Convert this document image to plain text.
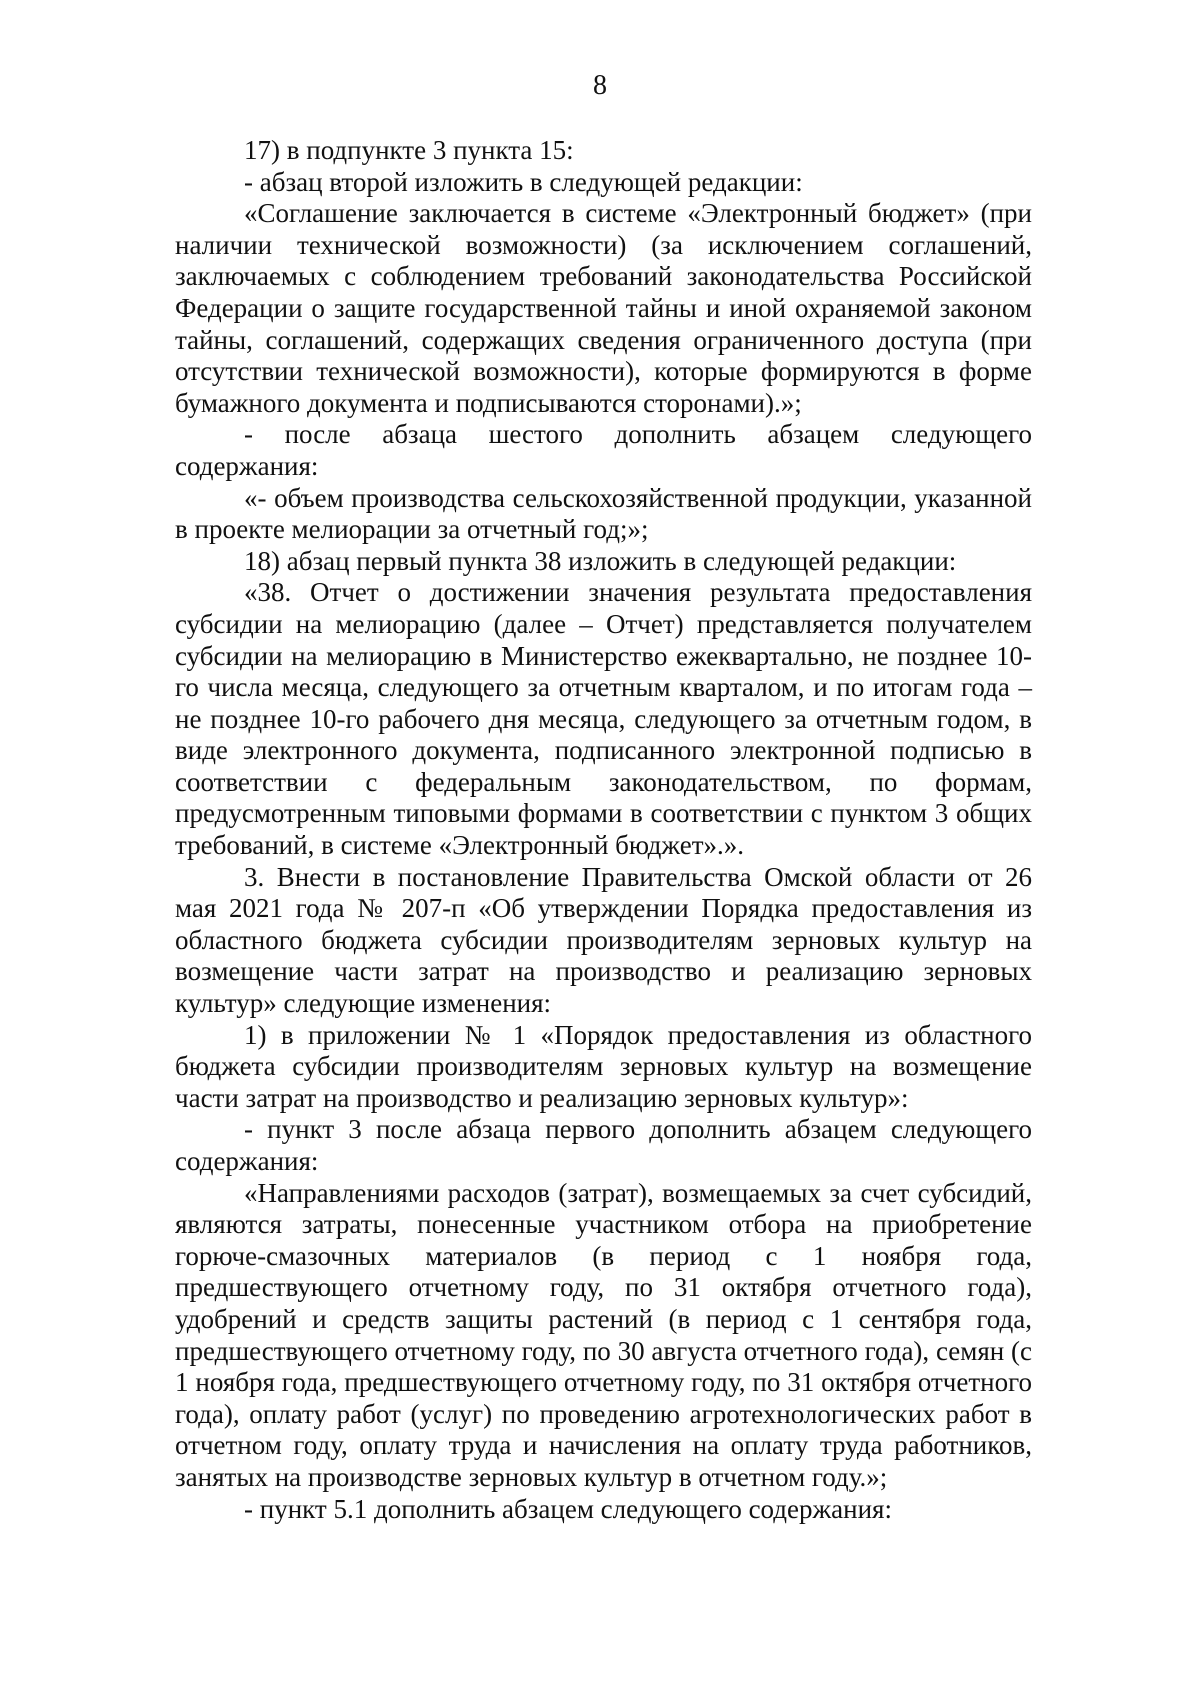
8

17) в подпункте 3 пункта 15:

- абзац второй изложить в следующей редакции:

«Соглашение заключается в системе «Электронный бюджет» (при наличии технической возможности) (за исключением соглашений, заключаемых с соблюдением требований законодательства Российской Федерации о защите государственной тайны и иной охраняемой законом тайны, соглашений, содержащих сведения ограниченного доступа (при отсутствии технической возможности), которые формируются в форме бумажного документа и подписываются сторонами).»;

- после абзаца шестого дополнить абзацем следующего содержания:

«- объем производства сельскохозяйственной продукции, указанной в проекте мелиорации за отчетный год;»;

18) абзац первый пункта 38 изложить в следующей редакции:

«38. Отчет о достижении значения результата предоставления субсидии на мелиорацию (далее – Отчет) представляется получателем субсидии на мелиорацию в Министерство ежеквартально, не позднее 10-го числа месяца, следующего за отчетным кварталом, и по итогам года – не позднее 10-го рабочего дня месяца, следующего за отчетным годом, в виде электронного документа, подписанного электронной подписью в соответствии с федеральным законодательством, по формам, предусмотренным типовыми формами в соответствии с пунктом 3 общих требований, в системе «Электронный бюджет».».

3. Внести в постановление Правительства Омской области от 26 мая 2021 года № 207-п «Об утверждении Порядка предоставления из областного бюджета субсидии производителям зерновых культур на возмещение части затрат на производство и реализацию зерновых культур» следующие изменения:

1) в приложении № 1 «Порядок предоставления из областного бюджета субсидии производителям зерновых культур на возмещение части затрат на производство и реализацию зерновых культур»:

- пункт 3 после абзаца первого дополнить абзацем следующего содержания:

«Направлениями расходов (затрат), возмещаемых за счет субсидий, являются затраты, понесенные участником отбора на приобретение горюче-смазочных материалов (в период с 1 ноября года, предшествующего отчетному году, по 31 октября отчетного года), удобрений и средств защиты растений (в период с 1 сентября года, предшествующего отчетному году, по 30 августа отчетного года), семян (с 1 ноября года, предшествующего отчетному году, по 31 октября отчетного года), оплату работ (услуг) по проведению агротехнологических работ в отчетном году, оплату труда и начисления на оплату труда работников, занятых на производстве зерновых культур в отчетном году.»;

- пункт 5.1 дополнить абзацем следующего содержания:
